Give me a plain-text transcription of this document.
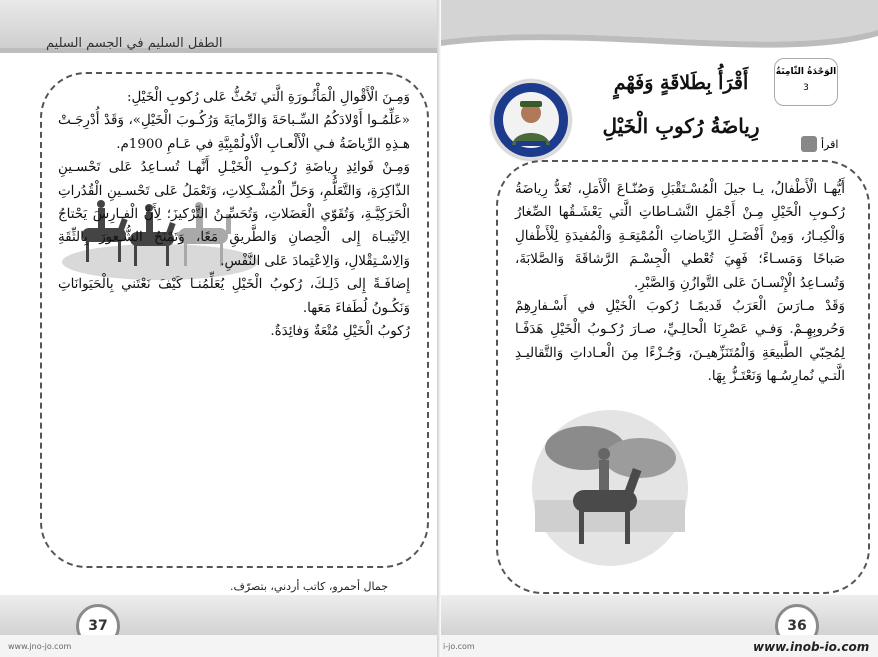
الطفل السليم في الجسم السليم

وَمِـنَ الْأَقْوالِ الْمَأْثُـورَةِ الَّتي تَحُثُّ عَلى رُكوبِ الْخَيْلِ:

«عَلِّمُـوا أَوْلادَكُمُ السِّـباحَةَ وَالرِّمايَةَ وَرُكُـوبَ الْخَيْلِ»، وَقَدْ أُدْرِجَـتْ هـذِهِ الرِّياضَةُ فـي الْأَلْعـابِ الْأولُمْبِيَّةِ في عَـامِ 1900م.

وَمِـنْ فَوائِدِ رِياضَةِ رُكـوبِ الْخَيْـلِ أَنَّهـا تُسـاعِدُ عَلى تَحْسـينِ الذّاكِرَةِ، وَالتَّعَلُّمِ، وَحَلِّ الْمُشْـكِلاتِ، وَتَعْمَلُ عَلى تَحْسـينِ الْقُدُراتِ الْحَرَكِيَّـةِ، وَتُقَوّي الْعَضَلاتِ، وَتُحَسِّـنُ التَّرْكيزَ؛ لِأَنَّ الْفـارِسَ يَحْتاجُ الِانْتِبـاهَ إِلى الْحِصانِ وَالطَّريقِ مَعًا، وَتَمْنَحُ الشُّـعورَ بِالثِّقَةِ وَالِاسْـتِقْلالِ، وَالِاعْتِمادَ عَلى النَّفْسِ.

إِضافَـةً إِلى ذَلِـكَ، رُكوبُ الْخَيْلِ يُعَلِّمُنـا كَيْفَ نَعْتَني بِالْحَيَوانَاتِ وَنَكُـونُ لُطَفاءَ مَعَها.

رُكوبُ الْخَيْلِ مُتْعَةٌ وَفائِدَةٌ.

جمال أحمرو، كاتب أردني، بتصرّف.
37
www.jno-jo.com
الوَحْدَةُ الثّامِنَةُ
3
أَقْرَأُ بِطَلاقَةٍ وَفَهْمٍ
رِياضَةُ رُكوبِ الْخَيْلِ
اقرأ

أَيُّهـا الْأَطْفالُ، يـا جيلَ الْمُسْـتَقْبَلِ وَصُنّـاعَ الْأَمَلِ، تُعَدُّ رِياضَةُ رُكـوبِ الْخَيْلِ مِـنْ أَجْمَلِ النَّشـاطاتِ الَّتي يَعْشَـقُها الصِّغارُ وَالْكِبـارُ، وَمِنْ أَفْضَـلِ الرِّياضاتِ الْمُمْتِعَـةِ وَالْمُفيدَةِ لِلْأَطْفالِ صَباحًا وَمَسـاءً؛ فَهِيَ تُعْطي الْجِسْـمَ الرَّشاقَةَ وَالصَّلابَةَ، وَتُسـاعِدُ الْإِنْسـانَ عَلى التَّوازُنِ وَالصَّبْرِ.

وَقَدْ مـارَسَ الْعَرَبُ قَديمًـا رُكوبَ الْخَيْلِ في أَسْـفارِهِمْ وَحُروبِهِـمْ. وَفـي عَصْرِنَا الْحالِـيِّ، صـارَ رُكـوبُ الْخَيْلِ هَدَفًـا لِمُحِبّي الطَّبيعَةِ وَالْمُتَنَزِّهيـنَ، وَجُـزْءًا مِنَ الْعـاداتِ وَالتَّقاليـدِ الَّتـي نُمارِسُـها وَنَعْتَـزُّ بِهَا.

36
i-jo.com	www.inob-io.com
